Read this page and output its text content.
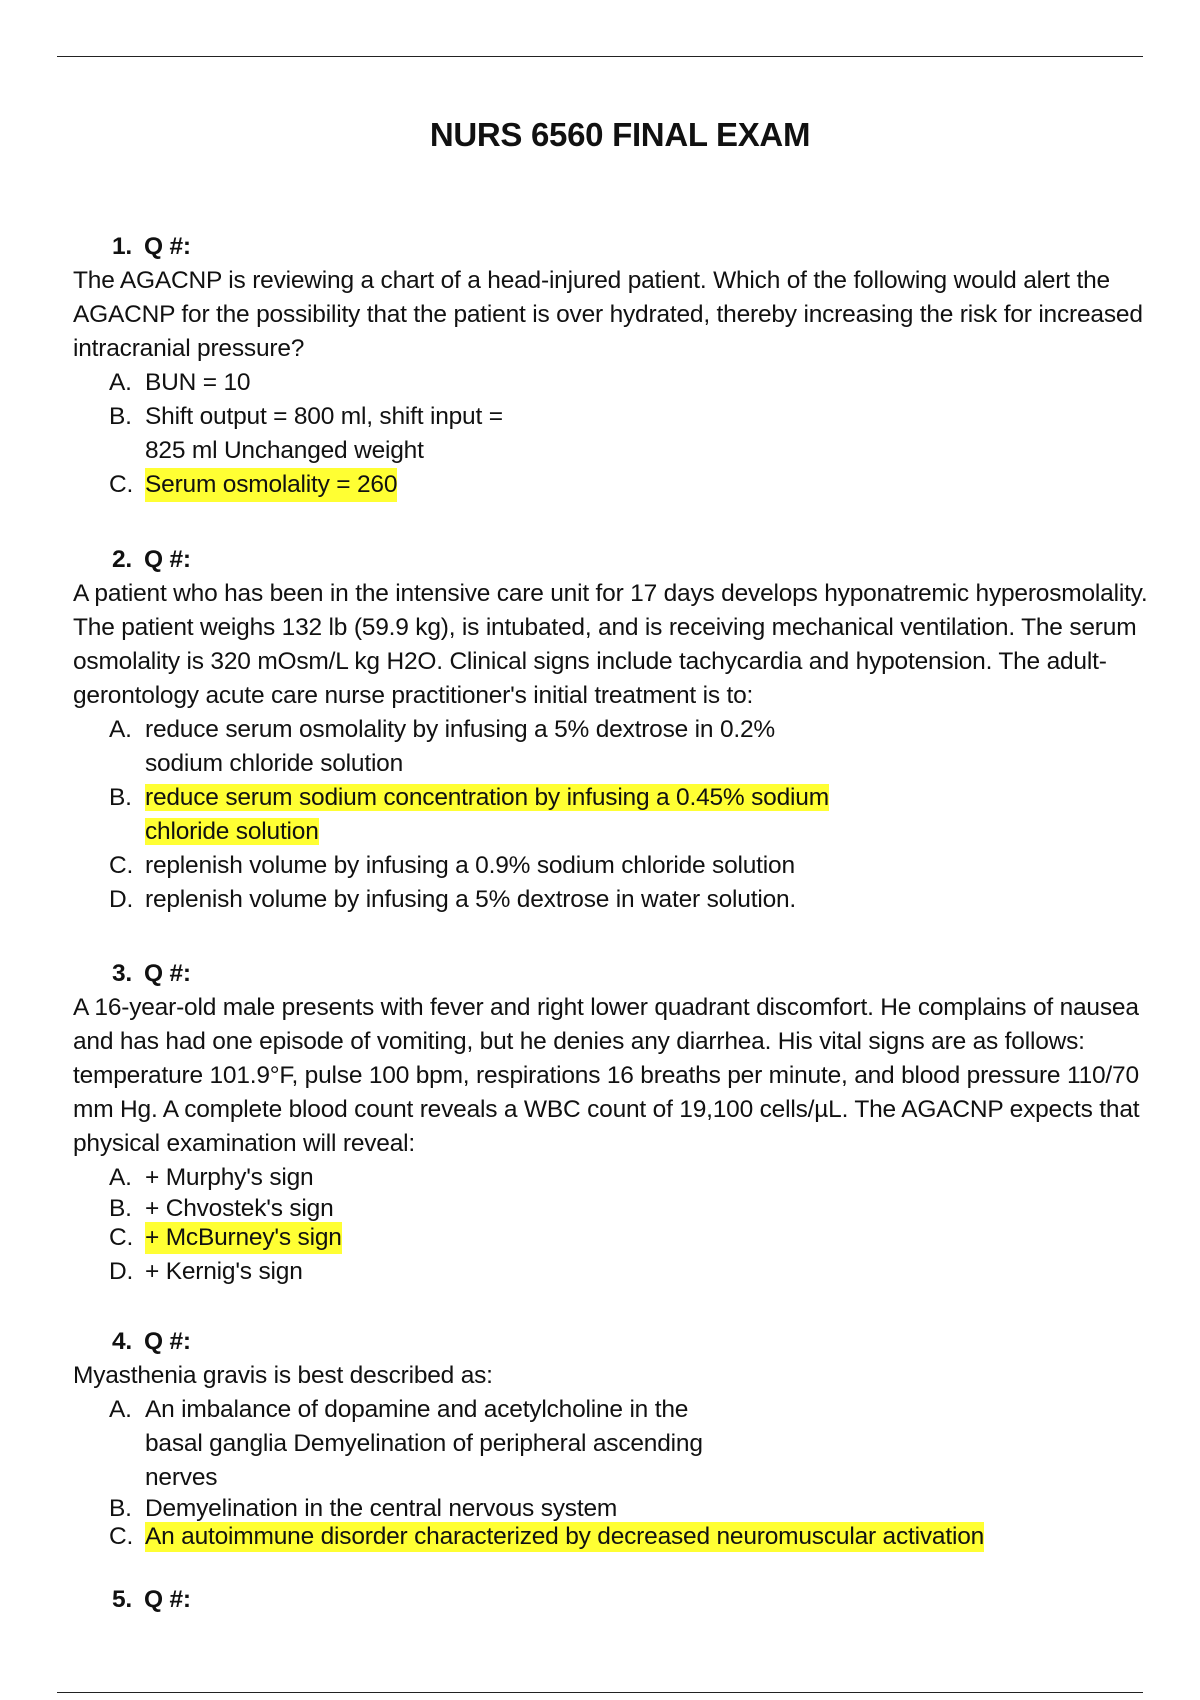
NURS 6560 FINAL EXAM
1. Q #:

The AGACNP is reviewing a chart of a head-injured patient. Which of the following would alert the AGACNP for the possibility that the patient is over hydrated, thereby increasing the risk for increased intracranial pressure?

A. BUN = 10
B. Shift output = 800 ml, shift input = 825 ml Unchanged weight
C. Serum osmolality = 260
2. Q #:

A patient who has been in the intensive care unit for 17 days develops hyponatremic hyperosmolality. The patient weighs 132 lb (59.9 kg), is intubated, and is receiving mechanical ventilation. The serum osmolality is 320 mOsm/L kg H2O. Clinical signs include tachycardia and hypotension. The adult-gerontology acute care nurse practitioner's initial treatment is to:

A. reduce serum osmolality by infusing a 5% dextrose in 0.2% sodium chloride solution
B. reduce serum sodium concentration by infusing a 0.45% sodium chloride solution
C. replenish volume by infusing a 0.9% sodium chloride solution
D. replenish volume by infusing a 5% dextrose in water solution.
3. Q #:

A 16-year-old male presents with fever and right lower quadrant discomfort. He complains of nausea and has had one episode of vomiting, but he denies any diarrhea. His vital signs are as follows: temperature 101.9°F, pulse 100 bpm, respirations 16 breaths per minute, and blood pressure 110/70 mm Hg. A complete blood count reveals a WBC count of 19,100 cells/µL. The AGACNP expects that physical examination will reveal:

A. + Murphy's sign
B. + Chvostek's sign
C. + McBurney's sign
D. + Kernig's sign
4. Q #:

Myasthenia gravis is best described as:

A. An imbalance of dopamine and acetylcholine in the basal ganglia Demyelination of peripheral ascending nerves
B. Demyelination in the central nervous system
C. An autoimmune disorder characterized by decreased neuromuscular activation
5. Q #:
